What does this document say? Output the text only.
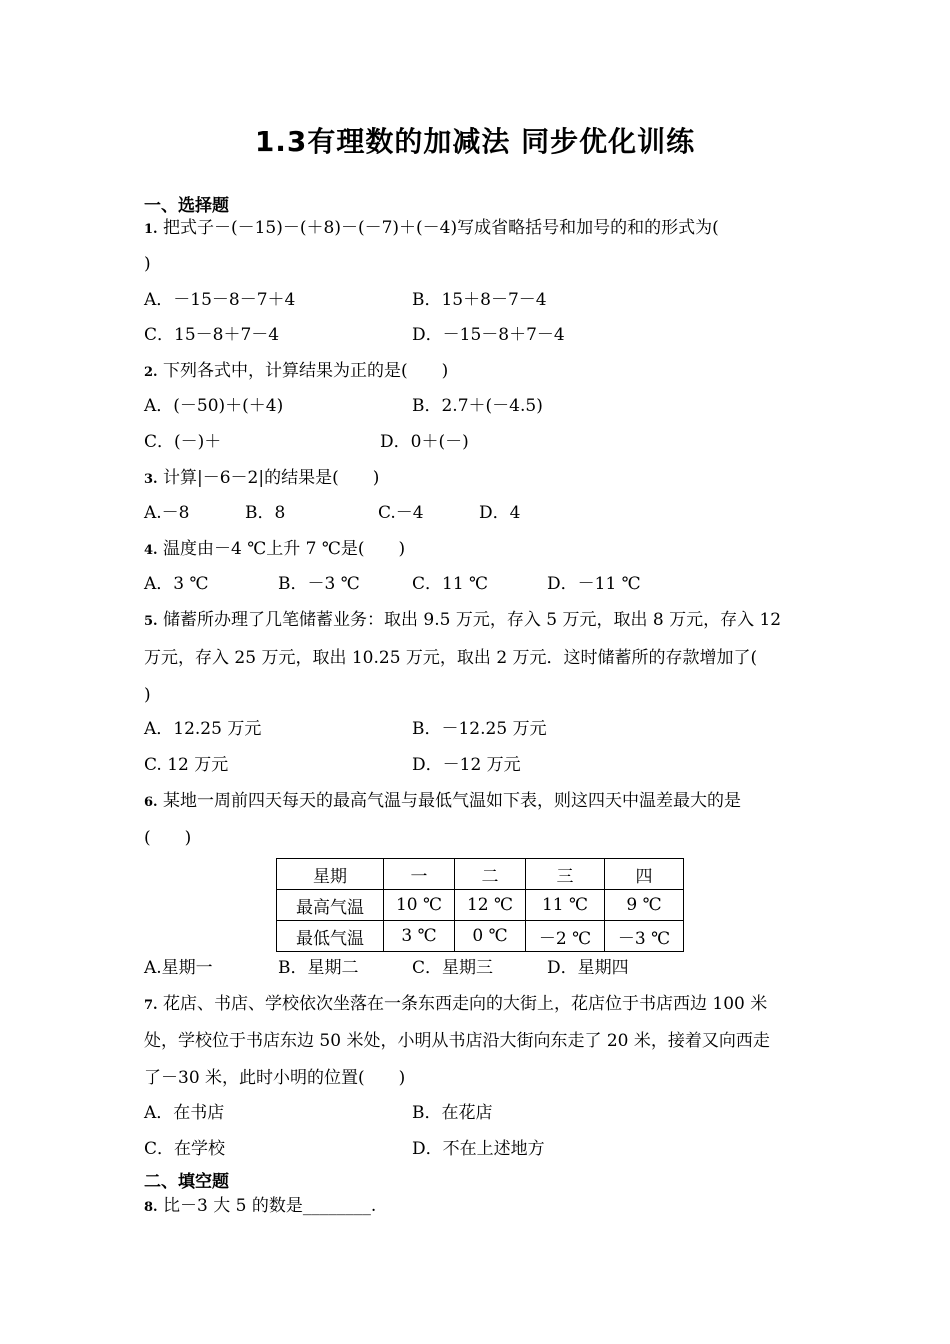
1.3有理数的加减法 同步优化训练
一、选择题
1. 把式子－(－15)－(＋8)－(－7)＋(－4)写成省略括号和加号的和的形式为(
)
A．－15－8－7＋4	B．15＋8－7－4
C．15－8＋7－4	D．－15－8＋7－4
2. 下列各式中，计算结果为正的是(　　)
A．(－50)＋(＋4)	B．2.7＋(－4.5)
C．(－)＋	D．0＋(－)
3. 计算|－6－2|的结果是(　　)
A.－8	B．8	C.－4	D．4
4. 温度由－4 ℃上升 7 ℃是(　　)
A．3 ℃	B．－3 ℃	C．11 ℃	D．－11 ℃
5. 储蓄所办理了几笔储蓄业务：取出 9.5 万元，存入 5 万元，取出 8 万元，存入 12
万元，存入 25 万元，取出 10.25 万元，取出 2 万元．这时储蓄所的存款增加了(
)
A．12.25 万元	B．－12.25 万元
C. 12 万元	D．－12 万元
6. 某地一周前四天每天的最高气温与最低气温如下表，则这四天中温差最大的是
(　　)
星期	一	二	三	四
最高气温	10 ℃	12 ℃	11 ℃	9 ℃
最低气温	3 ℃	0 ℃	－2 ℃	－3 ℃
A.星期一	B．星期二	C．星期三	D．星期四
7. 花店、书店、学校依次坐落在一条东西走向的大街上，花店位于书店西边 100 米
处，学校位于书店东边 50 米处，小明从书店沿大街向东走了 20 米，接着又向西走
了－30 米，此时小明的位置(　　)
A．在书店	B．在花店
C．在学校	D．不在上述地方
二、填空题
8. 比－3 大 5 的数是________.
